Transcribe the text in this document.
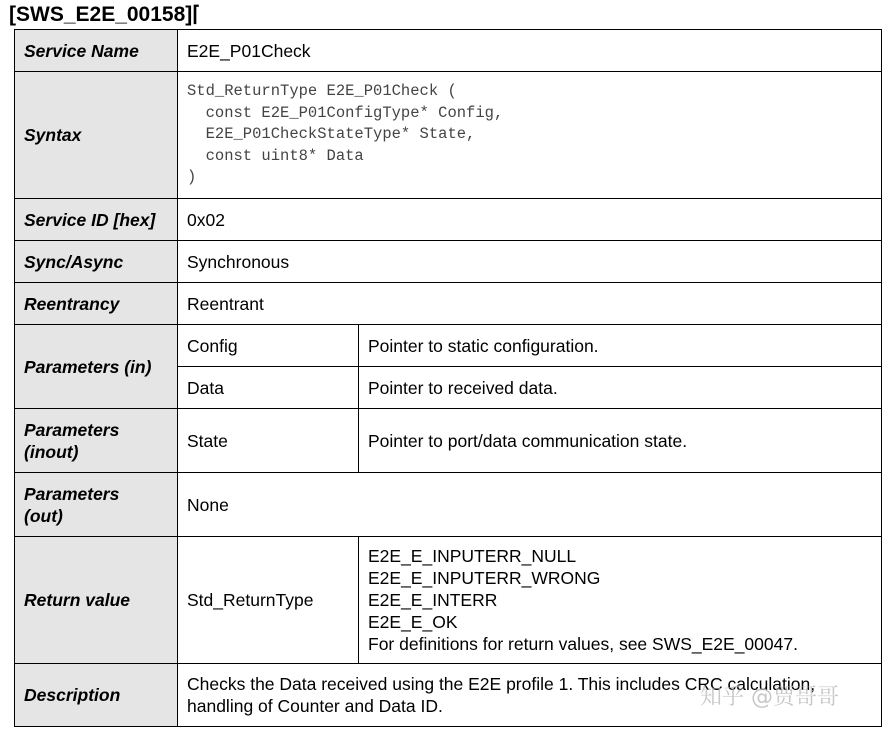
[SWS_E2E_00158]⌈
Service Name	E2E_P01Check	
Syntax	Std_ReturnType E2E_P01Check (
const E2E_P01ConfigType* Config,
E2E_P01CheckStateType* State,
const uint8* Data
)	

Service ID [hex]	0x02	
Sync/Async	Synchronous	
Reentrancy	Reentrant	
Parameters (in)	Config	Pointer to static configuration.
	Data	Pointer to received data.

Parameters
(inout)	State	Pointer to port/data communication state.

Parameters
(out)	None	
Return value	Std_ReturnType	E2E_E_INPUTERR_NULL
E2E_E_INPUTERR_WRONG
E2E_E_INTERR
E2E_E_OK
For definitions for return values, see SWS_E2E_00047.

Description	Checks the Data received using the E2E profile 1. This includes CRC calculation,
handling of Counter and Data ID.		知乎 @贾哥哥
